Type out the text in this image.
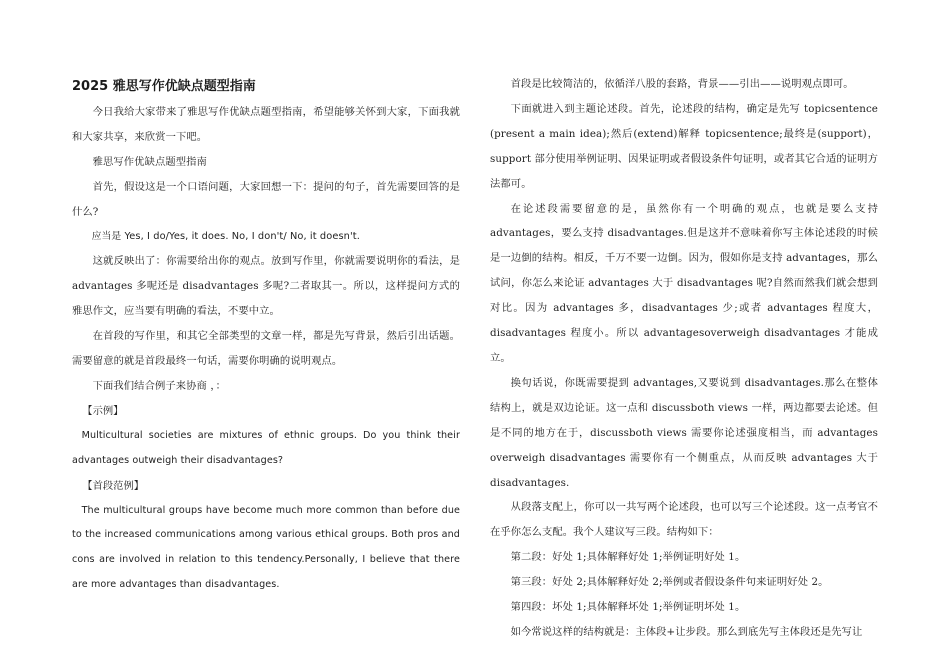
2025 雅思写作优缺点题型指南

今日我给大家带来了雅思写作优缺点题型指南，希望能够关怀到大家，下面我就和大家共享，来欣赏一下吧。

雅思写作优缺点题型指南

首先，假设这是一个口语问题，大家回想一下：提问的句子，首先需要回答的是什么?

应当是 Yes, I do/Yes, it does. No, I don't/ No, it doesn't.

这就反映出了：你需要给出你的观点。放到写作里，你就需要说明你的看法，是 advantages 多呢还是 disadvantages 多呢?二者取其一。所以，这样提问方式的雅思作文，应当要有明确的看法，不要中立。

在首段的写作里，和其它全部类型的文章一样，都是先写背景，然后引出话题。需要留意的就是首段最终一句话，需要你明确的说明观点。

下面我们结合例子来协商 ，：

【示例】

Multicultural societies are mixtures of ethnic groups. Do you think their advantages outweigh their disadvantages?

【首段范例】

The multicultural groups have become much more common than before due to the increased communications among various ethical groups. Both pros and cons are involved in relation to this tendency.Personally, I believe that there are more advantages than disadvantages.

首段是比较简洁的，依循洋八股的套路，背景——引出——说明观点即可。

下面就进入到主题论述段。首先，论述段的结构，确定是先写 topicsentence (present a main idea);然后(extend)解释 topicsentence;最终是(support)，support 部分使用举例证明、因果证明或者假设条件句证明，或者其它合适的证明方法都可。

在论述段需要留意的是，虽然你有一个明确的观点，也就是要么支持 advantages，要么支持 disadvantages.但是这并不意味着你写主体论述段的时候是一边倒的结构。相反，千万不要一边倒。因为，假如你是支持 advantages，那么试问，你怎么来论证 advantages 大于 disadvantages 呢?自然而然我们就会想到对比。因为 advantages 多，disadvantages 少;或者 advantages 程度大，disadvantages 程度小。所以 advantagesoverweigh disadvantages 才能成立。

换句话说，你既需要提到 advantages,又要说到 disadvantages.那么在整体结构上，就是双边论证。这一点和 discussboth views 一样，两边都要去论述。但是不同的地方在于，discussboth views 需要你论述强度相当，而 advantages overweigh disadvantages 需要你有一个侧重点，从而反映 advantages 大于 disadvantages.

从段落支配上，你可以一共写两个论述段，也可以写三个论述段。这一点考官不在乎你怎么支配。我个人建议写三段。结构如下：

第二段：好处 1;具体解释好处 1;举例证明好处 1。

第三段：好处 2;具体解释好处 2;举例或者假设条件句来证明好处 2。

第四段：坏处 1;具体解释坏处 1;举例证明坏处 1。

如今常说这样的结构就是：主体段+让步段。那么到底先写主体段还是先写让
